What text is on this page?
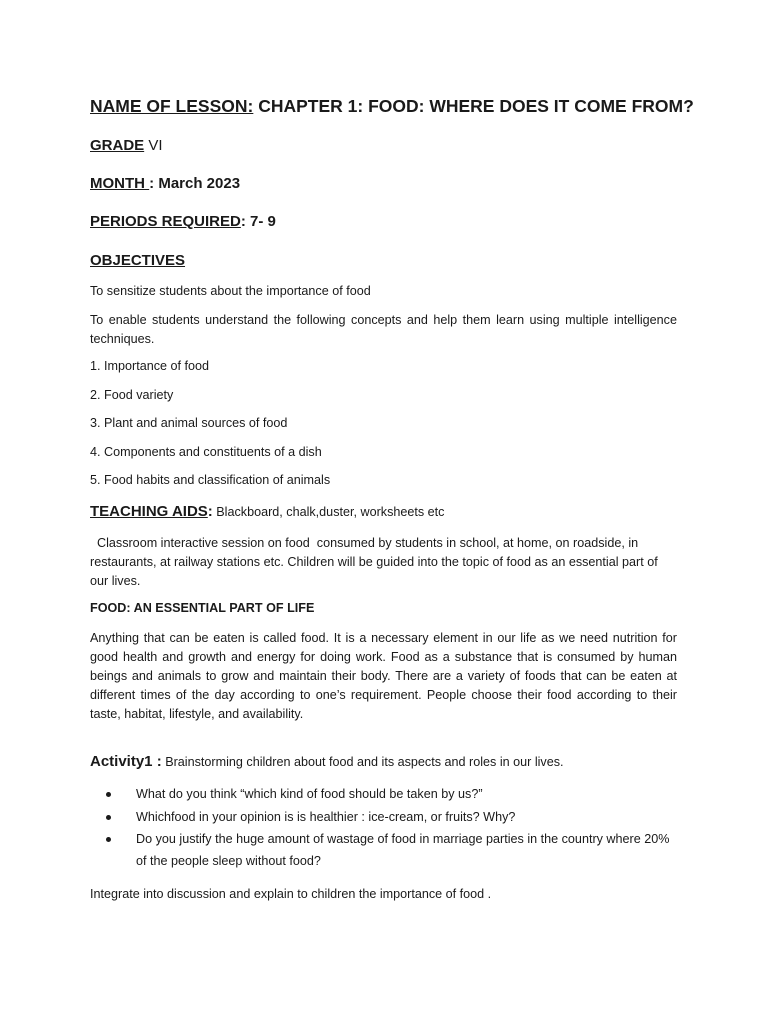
NAME OF LESSON: CHAPTER 1: FOOD: WHERE DOES IT COME FROM?
GRADE VI
MONTH : March 2023
PERIODS REQUIRED: 7- 9
OBJECTIVES
To sensitize students about the importance of food
To enable students understand the following concepts and help them learn using multiple intelligence techniques.
1. Importance of food
2. Food variety
3. Plant and animal sources of food
4. Components and constituents of a dish
5. Food habits and classification of animals
TEACHING AIDS: Blackboard, chalk,duster, worksheets etc
Classroom interactive session on food  consumed by students in school, at home, on roadside, in restaurants, at railway stations etc. Children will be guided into the topic of food as an essential part of our lives.
FOOD: AN ESSENTIAL PART OF LIFE
Anything that can be eaten is called food. It is a necessary element in our life as we need nutrition for good health and growth and energy for doing work. Food as a substance that is consumed by human beings and animals to grow and maintain their body. There are a variety of foods that can be eaten at different times of the day according to one’s requirement. People choose their food according to their taste, habitat, lifestyle, and availability.
Activity1 : Brainstorming children about food and its aspects and roles in our lives.
What do you think “which kind of food should be taken by us?”
Whichfood in your opinion is is healthier : ice-cream, or fruits? Why?
Do you justify the huge amount of wastage of food in marriage parties in the country where 20% of the people sleep without food?
Integrate into discussion and explain to children the importance of food .
